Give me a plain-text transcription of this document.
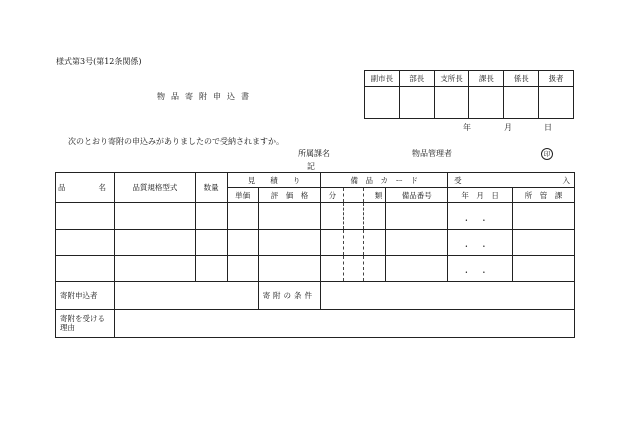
様式第3号(第12条関係)
物品寄附申込書
副市長	部長	支所長	課長	係長	扱者

年	月	日
次のとおり寄附の申込みがありましたので受納されますか。
所属課名	物品管理者	印
記
品　　名	品質規格型式	数量	見　　積　　り		備　品　カ　ー　ド				受 入	

			単価	評　価　格	分		類	備品番号	年　月　日	所　管　課
									・・	
									・・	
									・・	
寄附申込者				寄附の条件						

寄附を受ける
理由										
